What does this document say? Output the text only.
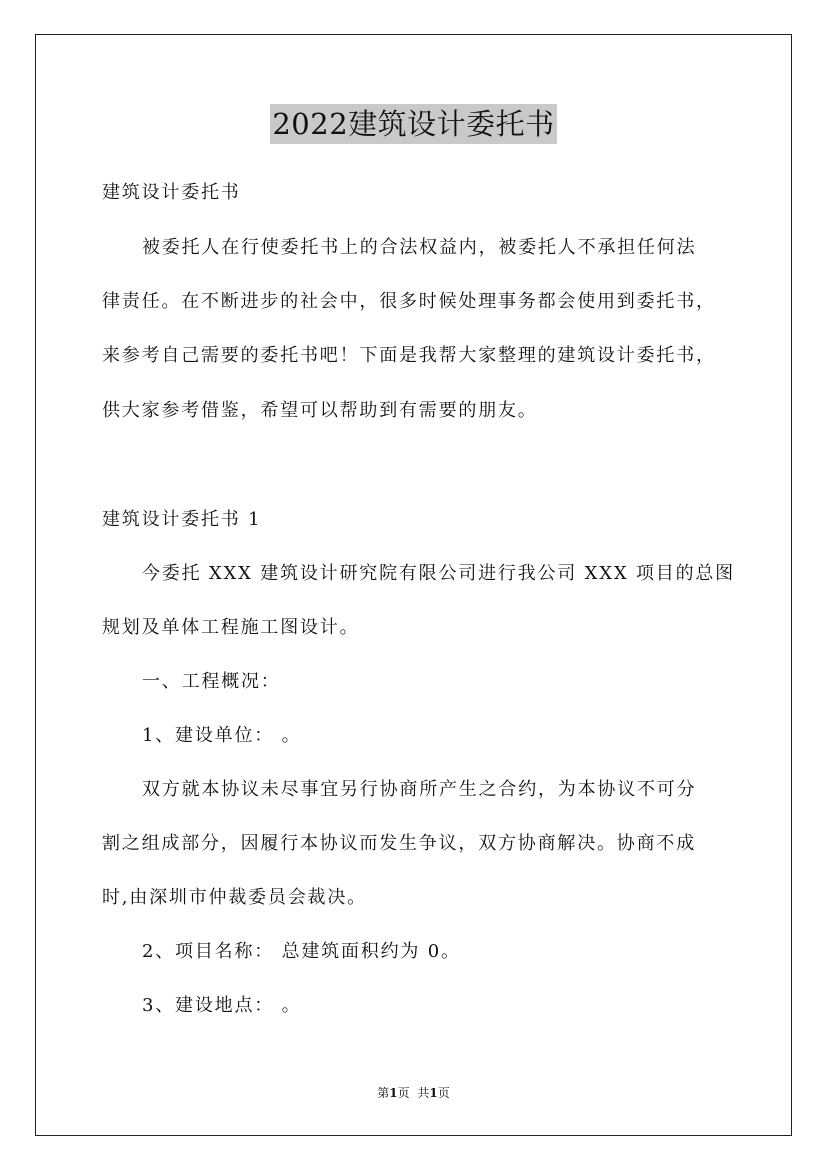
2022建筑设计委托书
建筑设计委托书
被委托人在行使委托书上的合法权益内，被委托人不承担任何法
律责任。在不断进步的社会中，很多时候处理事务都会使用到委托书，
来参考自己需要的委托书吧！下面是我帮大家整理的建筑设计委托书，
供大家参考借鉴，希望可以帮助到有需要的朋友。
建筑设计委托书 1
今委托 XXX 建筑设计研究院有限公司进行我公司 XXX 项目的总图
规划及单体工程施工图设计。
一、工程概况：
1、建设单位： 。
双方就本协议未尽事宜另行协商所产生之合约，为本协议不可分
割之组成部分，因履行本协议而发生争议，双方协商解决。协商不成
时,由深圳市仲裁委员会裁决。
2、项目名称： 总建筑面积约为 0。
3、建设地点： 。
第1页 共1页
